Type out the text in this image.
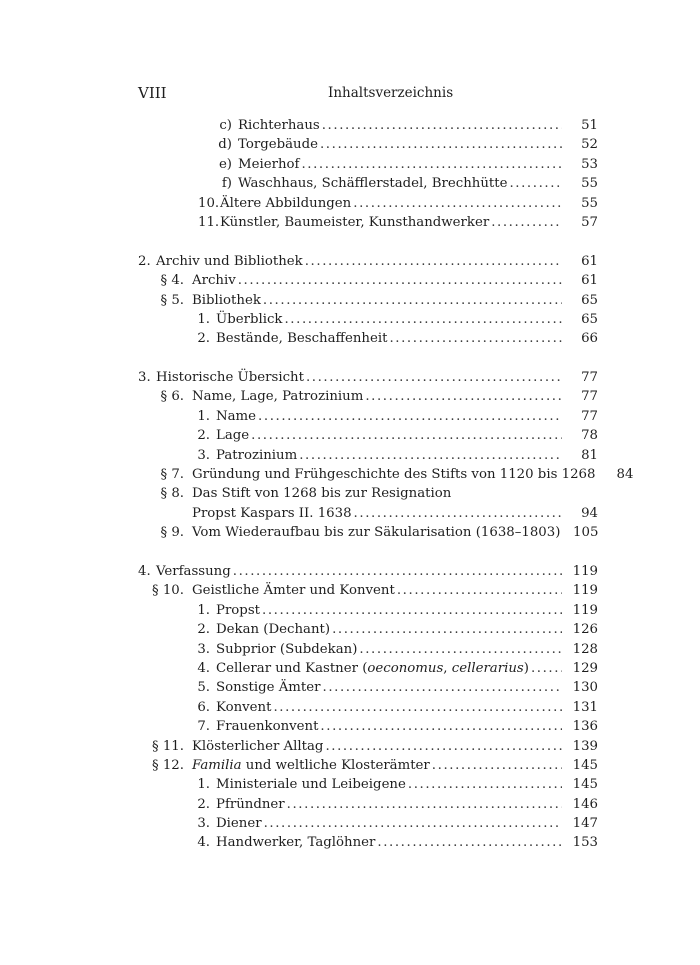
VIII	Inhaltsverzeichnis
c) Richterhaus .....	51
d) Torgebäude .....	52
e) Meierhof .....	53
f) Waschhaus, Schäfflerstadel, Brechhütte .....	55
10. Ältere Abbildungen .....	55
11. Künstler, Baumeister, Kunsthandwerker .....	57
2. Archiv und Bibliothek .....	61
§ 4. Archiv .....	61
§ 5. Bibliothek .....	65
1. Überblick .....	65
2. Bestände, Beschaffenheit .....	66
3. Historische Übersicht .....	77
§ 6. Name, Lage, Patrozinium .....	77
1. Name .....	77
2. Lage .....	78
3. Patrozinium .....	81
§ 7. Gründung und Frühgeschichte des Stifts von 1120 bis 1268	84
§ 8. Das Stift von 1268 bis zur Resignation
Propst Kaspars II. 1638 .....	94
§ 9. Vom Wiederaufbau bis zur Säkularisation (1638–1803) 105
4. Verfassung .....	119
§ 10. Geistliche Ämter und Konvent .....	119
1. Propst .....	119
2. Dekan (Dechant) .....	126
3. Subprior (Subdekan) .....	128
4. Cellerar und Kastner (oeconomus, cellerarius) .....	129
5. Sonstige Ämter .....	130
6. Konvent .....	131
7. Frauenkonvent .....	136
§ 11. Klösterlicher Alltag .....	139
§ 12. Familia und weltliche Klosterämter .....	145
1. Ministeriale und Leibeigene .....	145
2. Pfründner .....	146
3. Diener .....	147
4. Handwerker, Taglöhner .....	153
